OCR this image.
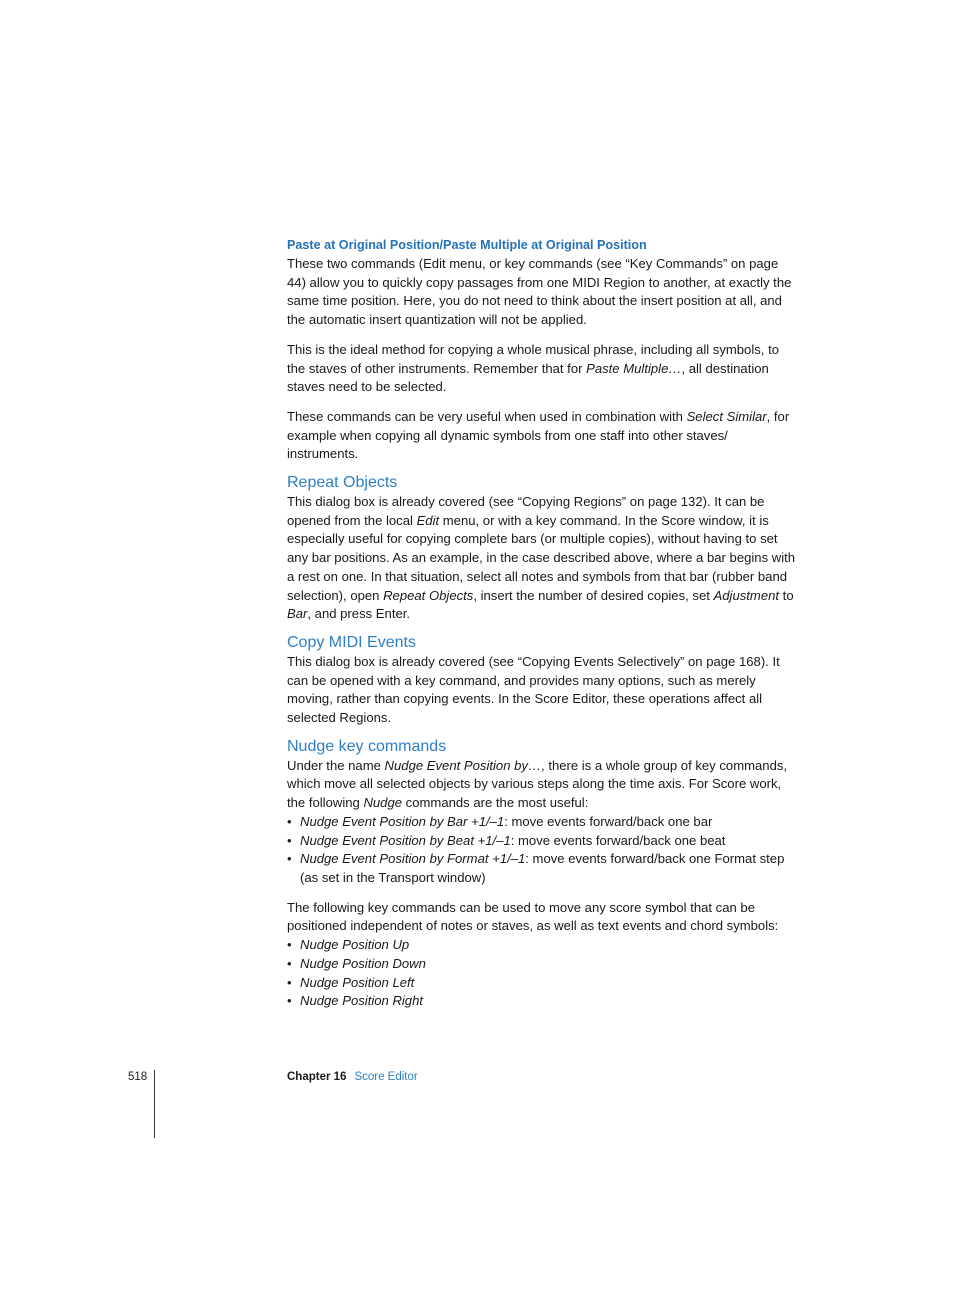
Paste at Original Position/Paste Multiple at Original Position

These two commands (Edit menu, or key commands (see “Key Commands” on page 44) allow you to quickly copy passages from one MIDI Region to another, at exactly the same time position. Here, you do not need to think about the insert position at all, and the automatic insert quantization will not be applied.

This is the ideal method for copying a whole musical phrase, including all symbols, to the staves of other instruments. Remember that for Paste Multiple…, all destination staves need to be selected.

These commands can be very useful when used in combination with Select Similar, for example when copying all dynamic symbols from one staff into other staves/ instruments.

Repeat Objects

This dialog box is already covered (see “Copying Regions” on page 132). It can be opened from the local Edit menu, or with a key command. In the Score window, it is especially useful for copying complete bars (or multiple copies), without having to set any bar positions. As an example, in the case described above, where a bar begins with a rest on one. In that situation, select all notes and symbols from that bar (rubber band selection), open Repeat Objects, insert the number of desired copies, set Adjustment to Bar, and press Enter.

Copy MIDI Events

This dialog box is already covered (see “Copying Events Selectively” on page 168). It can be opened with a key command, and provides many options, such as merely moving, rather than copying events. In the Score Editor, these operations affect all selected Regions.

Nudge key commands

Under the name Nudge Event Position by…, there is a whole group of key commands, which move all selected objects by various steps along the time axis. For Score work, the following Nudge commands are the most useful:

• Nudge Event Position by Bar +1/–1: move events forward/back one bar
• Nudge Event Position by Beat +1/–1: move events forward/back one beat
• Nudge Event Position by Format +1/–1: move events forward/back one Format step (as set in the Transport window)

The following key commands can be used to move any score symbol that can be positioned independent of notes or staves, as well as text events and chord symbols:

• Nudge Position Up
• Nudge Position Down
• Nudge Position Left
• Nudge Position Right
518	Chapter 16 Score Editor
